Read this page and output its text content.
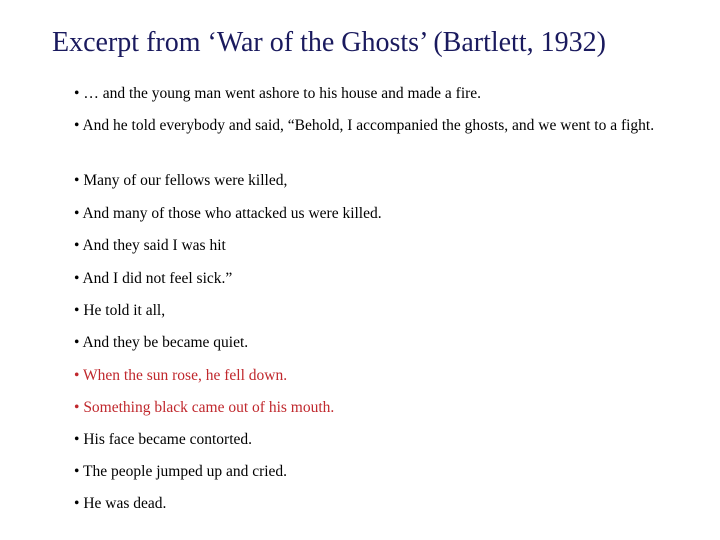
Excerpt from ‘War of the Ghosts’ (Bartlett, 1932)

• … and the young man went ashore to his house and made a fire.

• And he told everybody and said, “Behold, I accompanied the ghosts, and we went to a fight.

• Many of our fellows were killed,

• And many of those who attacked us were killed.

• And they said I was hit

• And I did not feel sick.”

• He told it all,

• And they be became quiet.

• When the sun rose, he fell down.

• Something black came out of his mouth.

• His face became contorted.

• The people jumped up and cried.

• He was dead.
